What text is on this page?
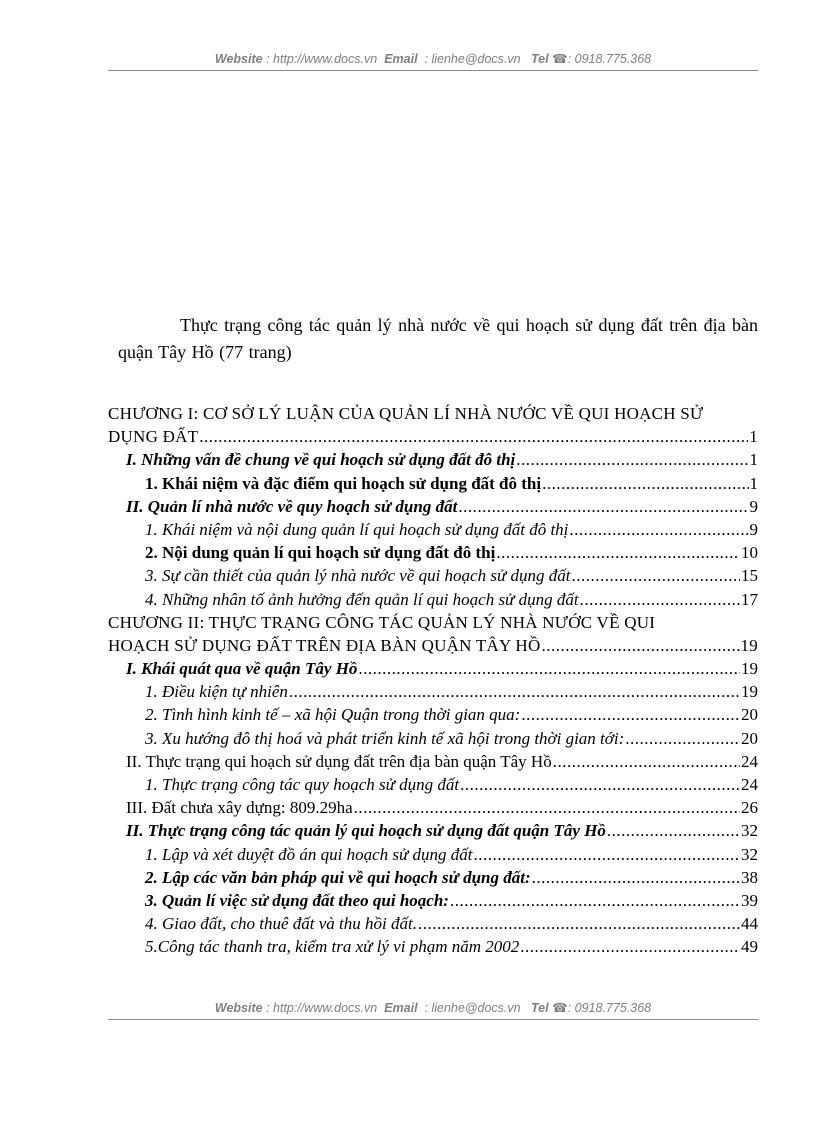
Website : http://www.docs.vn Email : lienhe@docs.vn Tel ☎: 0918.775.368
Thực trạng công tác quản lý nhà nước về qui hoạch sử dụng đất trên địa bàn quận Tây Hồ (77 trang)
CHƯƠNG I: CƠ SỞ LÝ LUẬN CỦA QUẢN LÍ NHÀ NƯỚC VỀ QUI HOẠCH SỬ
DỤNG ĐẤT .....	1
I. Những vấn đề chung về qui hoạch sử dụng đất đô thị .....	1
1. Khái niệm và đặc điểm qui hoạch sử dụng đất đô thị .....	1
II. Quản lí nhà nước về quy hoạch sử dụng đất .....	9
1. Khái niệm và nội dung quản lí qui hoạch sử dụng đất đô thị .....	9
2. Nội dung quản lí qui hoạch sử dụng đất đô thị .....	10
3. Sự cần thiết của quản lý nhà nước về qui hoạch sử dụng đất .....	15
4. Những nhân tố ảnh hưởng đến quản lí qui hoạch sử dụng đất .....	17
CHƯƠNG II: THỰC TRẠNG CÔNG TÁC QUẢN LÝ NHÀ NƯỚC VỀ QUI
HOẠCH SỬ DỤNG ĐẤT TRÊN ĐỊA BÀN QUẬN TÂY HỒ .....	19
I. Khái quát qua về quận Tây Hồ .....	19
1. Điều kiện tự nhiên .....	19
2. Tình hình kinh tế – xã hội Quận trong thời gian qua: .....	20
3. Xu hướng đô thị hoá và phát triển kinh tế xã hội trong thời gian tới: .....	20
II. Thực trạng qui hoạch sử dụng đất trên địa bàn quận Tây Hồ .....	24
1. Thực trạng công tác quy hoạch sử dụng đất .....	24
III. Đất chưa xây dựng: 809.29ha .....	26
II. Thực trạng công tác quản lý qui hoạch sử dụng đất quận Tây Hồ .....	32
1. Lập và xét duyệt đồ án qui hoạch sử dụng đất .....	32
2. Lập các văn bản pháp qui về qui hoạch sử dụng đất: .....	38
3. Quản lí việc sử dụng đất theo qui hoạch: .....	39
4. Giao đất, cho thuê đất và thu hồi đất. .....	44
5.Công tác thanh tra, kiểm tra xử lý vi phạm năm 2002 .....	49
Website : http://www.docs.vn Email : lienhe@docs.vn Tel ☎: 0918.775.368
